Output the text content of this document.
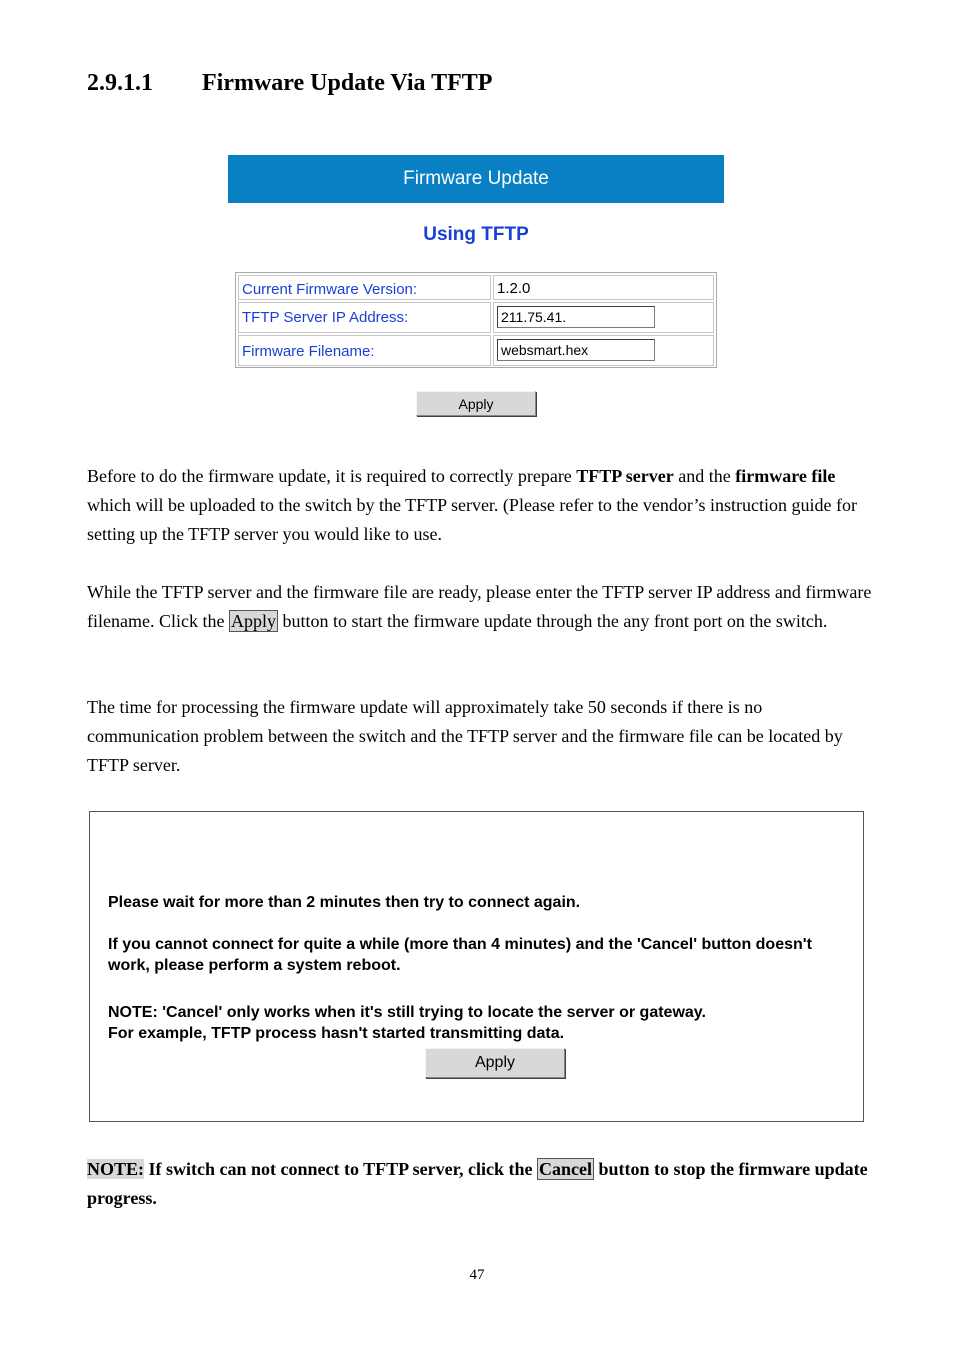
2.9.1.1 Firmware Update Via TFTP
Firmware Update
Using TFTP
Current Firmware Version:	1.2.0
TFTP Server IP Address:	211.75.41.
Firmware Filename:	websmart.hex
Apply
Before to do the firmware update, it is required to correctly prepare TFTP server and the firmware file which will be uploaded to the switch by the TFTP server. (Please refer to the vendor’s instruction guide for setting up the TFTP server you would like to use.
While the TFTP server and the firmware file are ready, please enter the TFTP server IP address and firmware filename. Click the Apply button to start the firmware update through the any front port on the switch.
The time for processing the firmware update will approximately take 50 seconds if there is no communication problem between the switch and the TFTP server and the firmware file can be located by TFTP server.
Please wait for more than 2 minutes then try to connect again.
If you cannot connect for quite a while (more than 4 minutes) and the 'Cancel' button doesn't
work, please perform a system reboot.
NOTE: 'Cancel' only works when it's still trying to locate the server or gateway.
For example, TFTP process hasn't started transmitting data.
Apply
NOTE: If switch can not connect to TFTP server, click the Cancel button to stop the firmware update progress.
47
